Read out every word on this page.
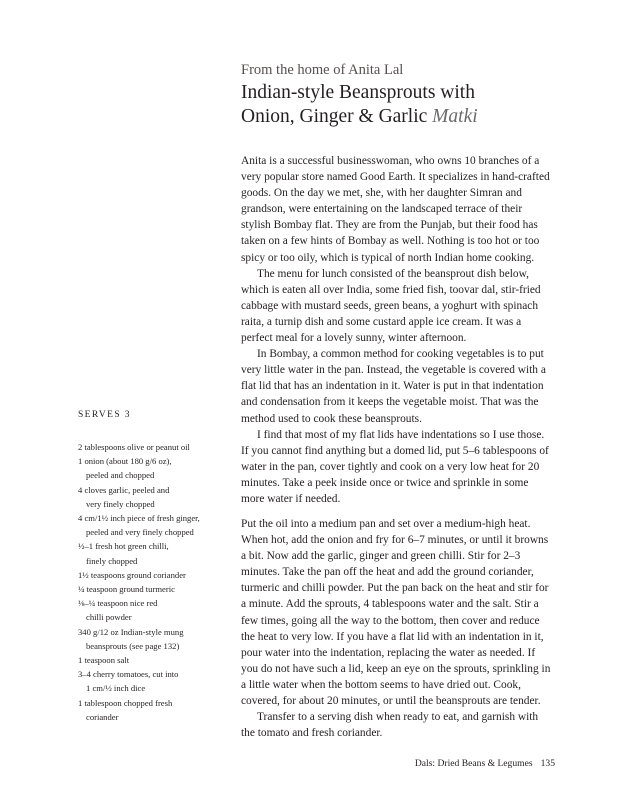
From the home of Anita Lal
Indian-style Beansprouts with
Onion, Ginger & Garlic Matki

Anita is a successful businesswoman, who owns 10 branches of a very popular store named Good Earth. It specializes in hand-crafted goods. On the day we met, she, with her daughter Simran and grandson, were entertaining on the landscaped terrace of their stylish Bombay flat. They are from the Punjab, but their food has taken on a few hints of Bombay as well. Nothing is too hot or too spicy or too oily, which is typical of north Indian home cooking.

The menu for lunch consisted of the beansprout dish below, which is eaten all over India, some fried fish, toovar dal, stir-fried cabbage with mustard seeds, green beans, a yoghurt with spinach raita, a turnip dish and some custard apple ice cream. It was a perfect meal for a lovely sunny, winter afternoon.

In Bombay, a common method for cooking vegetables is to put very little water in the pan. Instead, the vegetable is covered with a flat lid that has an indentation in it. Water is put in that indentation and condensation from it keeps the vegetable moist. That was the method used to cook these beansprouts.

I find that most of my flat lids have indentations so I use those. If you cannot find anything but a domed lid, put 5–6 tablespoons of water in the pan, cover tightly and cook on a very low heat for 20 minutes. Take a peek inside once or twice and sprinkle in some more water if needed.

SERVES 3
2 tablespoons olive or peanut oil
1 onion (about 180 g/6 oz),
peeled and chopped
4 cloves garlic, peeled and
very finely chopped
4 cm/1½ inch piece of fresh ginger,
peeled and very finely chopped
½–1 fresh hot green chilli,
finely chopped
1½ teaspoons ground coriander
¼ teaspoon ground turmeric
⅛–¼ teaspoon nice red
chilli powder
340 g/12 oz Indian-style mung
beansprouts (see page 132)
1 teaspoon salt
3–4 cherry tomatoes, cut into
1 cm/½ inch dice
1 tablespoon chopped fresh
coriander

Put the oil into a medium pan and set over a medium-high heat. When hot, add the onion and fry for 6–7 minutes, or until it browns a bit. Now add the garlic, ginger and green chilli. Stir for 2–3 minutes. Take the pan off the heat and add the ground coriander, turmeric and chilli powder. Put the pan back on the heat and stir for a minute. Add the sprouts, 4 tablespoons water and the salt. Stir a few times, going all the way to the bottom, then cover and reduce the heat to very low. If you have a flat lid with an indentation in it, pour water into the indentation, replacing the water as needed. If you do not have such a lid, keep an eye on the sprouts, sprinkling in a little water when the bottom seems to have dried out. Cook, covered, for about 20 minutes, or until the beansprouts are tender.

Transfer to a serving dish when ready to eat, and garnish with the tomato and fresh coriander.

Dals: Dried Beans & Legumes 135
